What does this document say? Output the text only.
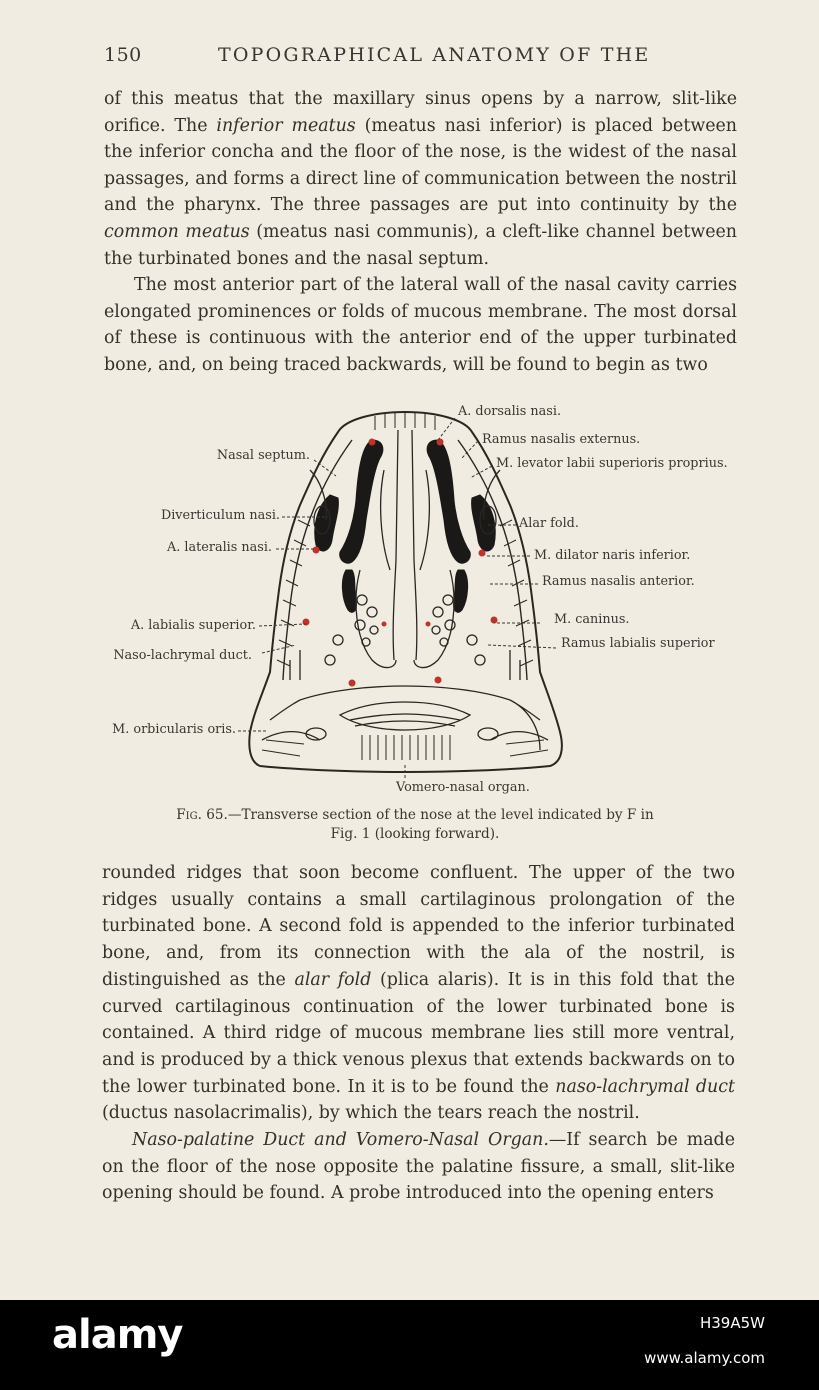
150	TOPOGRAPHICAL ANATOMY OF THE

of this meatus that the maxillary sinus opens by a narrow, slit-like orifice. The inferior meatus (meatus nasi inferior) is placed between the inferior concha and the floor of the nose, is the widest of the nasal passages, and forms a direct line of communication between the nostril and the pharynx. The three passages are put into continuity by the common meatus (meatus nasi communis), a cleft-like channel between the turbinated bones and the nasal septum.

The most anterior part of the lateral wall of the nasal cavity carries elongated prominences or folds of mucous membrane. The most dorsal of these is continuous with the anterior end of the upper turbinated bone, and, on being traced backwards, will be found to begin as two

A. dorsalis nasi.
Ramus nasalis externus.
Nasal septum.
M. levator labii superioris proprius.
Diverticulum nasi.
Alar fold.
A. lateralis nasi.
M. dilator naris inferior.
Ramus nasalis anterior.
M. caninus.
A. labialis superior.
Ramus labialis superior
Naso-lachrymal duct.
M. orbicularis oris.
Vomero-nasal organ.
Fig. 65.—Transverse section of the nose at the level indicated by F in Fig. 1 (looking forward).

rounded ridges that soon become confluent. The upper of the two ridges usually contains a small cartilaginous prolongation of the turbinated bone. A second fold is appended to the inferior turbinated bone, and, from its connection with the ala of the nostril, is distinguished as the alar fold (plica alaris). It is in this fold that the curved cartilaginous continuation of the lower turbinated bone is contained. A third ridge of mucous membrane lies still more ventral, and is produced by a thick venous plexus that extends backwards on to the lower turbinated bone. In it is to be found the naso-lachrymal duct (ductus nasolacrimalis), by which the tears reach the nostril.

Naso-palatine Duct and Vomero-Nasal Organ.—If search be made on the floor of the nose opposite the palatine fissure, a small, slit-like opening should be found. A probe introduced into the opening enters

alamy	H39A5W
www.alamy.com
